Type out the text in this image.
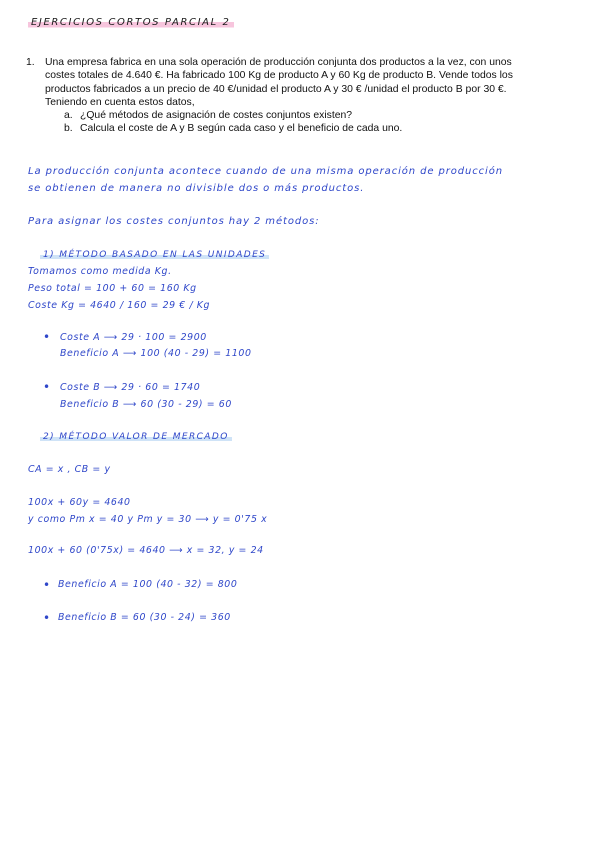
EJERCICIOS CORTOS PARCIAL 2
1. Una empresa fabrica en una sola operación de producción conjunta dos productos a la vez, con unos
costes totales de 4.640 €. Ha fabricado 100 Kg de producto A y 60 Kg de producto B. Vende todos los
productos fabricados a un precio de 40 €/unidad el producto A y 30 € /unidad el producto B por 30 €.
Teniendo en cuenta estos datos,
a. ¿Qué métodos de asignación de costes conjuntos existen?
b. Calcula el coste de A y B según cada caso y el beneficio de cada uno.
La producción conjunta acontece cuando de una misma operación de producción
se obtienen de manera no divisible dos o más productos.
Para asignar los costes conjuntos hay 2 métodos:
1) MÉTODO BASADO EN LAS UNIDADES
Tomamos como medida Kg.
Peso total = 100 + 60 = 160 Kg
Coste Kg = 4640 / 160 = 29 € / Kg
• Coste A ⟶ 29 · 100 = 2900
Beneficio A ⟶ 100 (40 - 29) = 1100
• Coste B ⟶ 29 · 60 = 1740
Beneficio B ⟶ 60 (30 - 29) = 60
2) MÉTODO VALOR DE MERCADO
CA = x , CB = y
100x + 60y = 4640
y como Pm x = 40 y Pm y = 30 ⟶ y = 0'75 x
100x + 60 (0'75x) = 4640 ⟶ x = 32, y = 24
• Beneficio A = 100 (40 - 32) = 800
• Beneficio B = 60 (30 - 24) = 360
